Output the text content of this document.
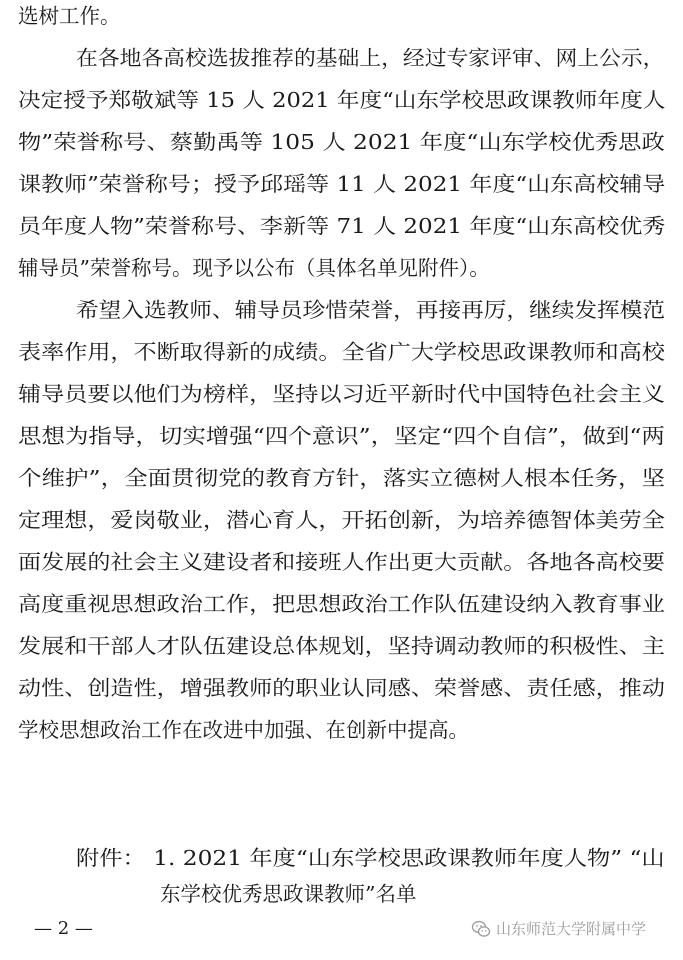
选树工作。
在各地各高校选拔推荐的基础上，经过专家评审、网上公示，
决定授予郑敬斌等 15 人 2021 年度“山东学校思政课教师年度人
物”荣誉称号、蔡勤禹等 105 人 2021 年度“山东学校优秀思政
课教师”荣誉称号；授予邱瑶等 11 人 2021 年度“山东高校辅导
员年度人物”荣誉称号、李新等 71 人 2021 年度“山东高校优秀
辅导员”荣誉称号。现予以公布（具体名单见附件）。
希望入选教师、辅导员珍惜荣誉，再接再厉，继续发挥模范
表率作用，不断取得新的成绩。全省广大学校思政课教师和高校
辅导员要以他们为榜样，坚持以习近平新时代中国特色社会主义
思想为指导，切实增强“四个意识”，坚定“四个自信”，做到“两
个维护”，全面贯彻党的教育方针，落实立德树人根本任务，坚
定理想，爱岗敬业，潜心育人，开拓创新，为培养德智体美劳全
面发展的社会主义建设者和接班人作出更大贡献。各地各高校要
高度重视思想政治工作，把思想政治工作队伍建设纳入教育事业
发展和干部人才队伍建设总体规划，坚持调动教师的积极性、主
动性、创造性，增强教师的职业认同感、荣誉感、责任感，推动
学校思想政治工作在改进中加强、在创新中提高。
附件： 1. 2021 年度“山东学校思政课教师年度人物” “山
东学校优秀思政课教师”名单
— 2 —	山东师范大学附属中学
